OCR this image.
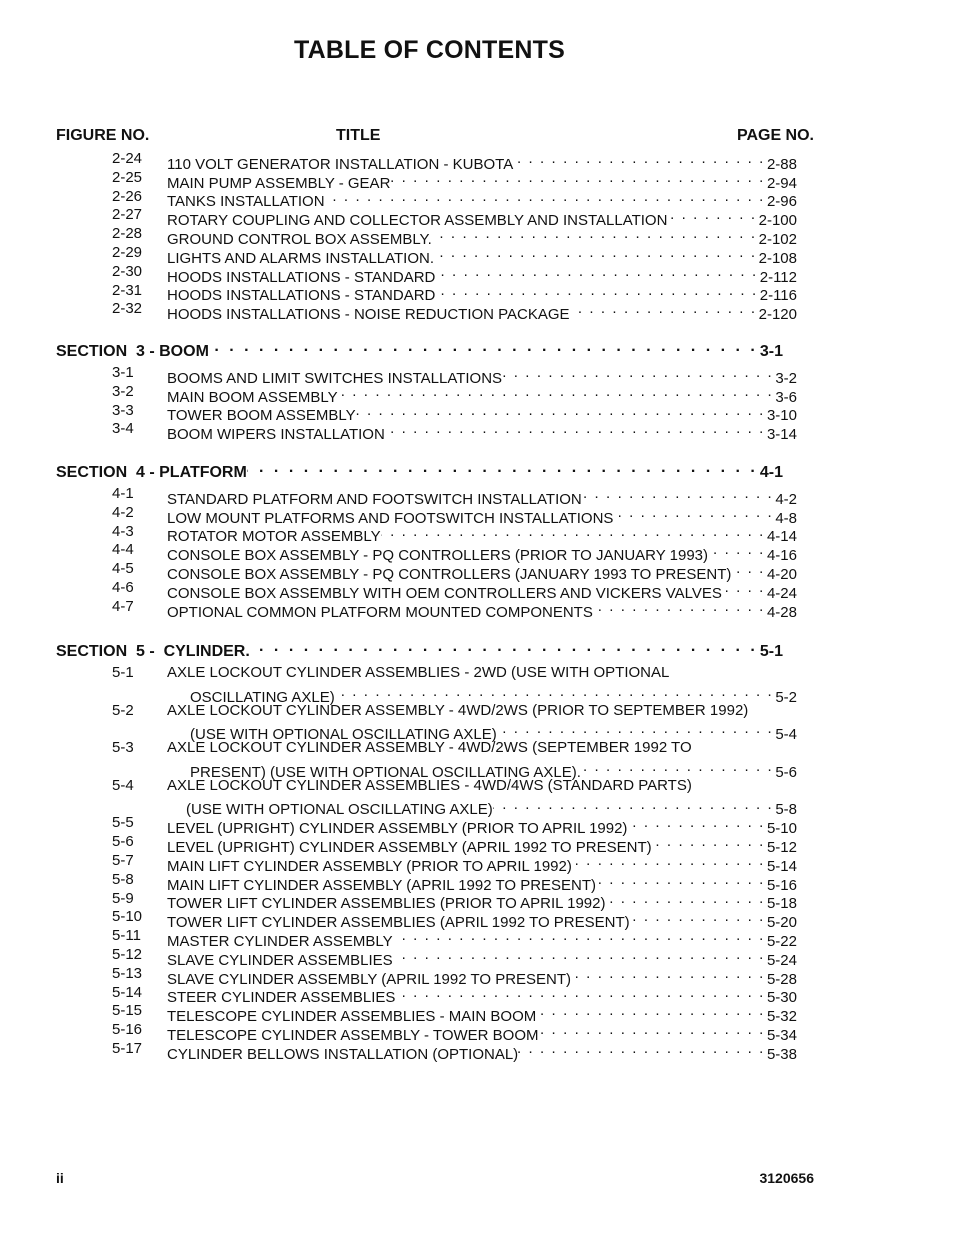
TABLE OF CONTENTS
FIGURE NO.	TITLE	PAGE NO.
2-24 110 VOLT GENERATOR INSTALLATION - KUBOTA . . .	2-88
2-25 MAIN PUMP ASSEMBLY - GEAR . . .	2-94
2-26 TANKS INSTALLATION . . .	2-96
2-27 ROTARY COUPLING AND COLLECTOR ASSEMBLY AND INSTALLATION . . .	2-100
2-28 GROUND CONTROL BOX ASSEMBLY. . . .	2-102
2-29 LIGHTS AND ALARMS INSTALLATION. . . .	2-108
2-30 HOODS INSTALLATIONS - STANDARD . . .	2-112
2-31 HOODS INSTALLATIONS - STANDARD . . .	2-116
2-32 HOODS INSTALLATIONS - NOISE REDUCTION PACKAGE . . .	2-120
SECTION  3 - BOOM . . .	3-1
3-1 BOOMS AND LIMIT SWITCHES INSTALLATIONS . . .	3-2
3-2 MAIN BOOM ASSEMBLY . . .	3-6
3-3 TOWER BOOM ASSEMBLY . . .	3-10
3-4 BOOM WIPERS INSTALLATION . . .	3-14
SECTION  4 - PLATFORM . . .	4-1
4-1 STANDARD PLATFORM AND FOOTSWITCH INSTALLATION . . .	4-2
4-2 LOW MOUNT PLATFORMS AND FOOTSWITCH INSTALLATIONS . . .	4-8
4-3 ROTATOR MOTOR ASSEMBLY . . .	4-14
4-4 CONSOLE BOX ASSEMBLY - PQ CONTROLLERS (PRIOR TO JANUARY 1993) . . .	4-16
4-5 CONSOLE BOX ASSEMBLY - PQ CONTROLLERS (JANUARY 1993 TO PRESENT) . . . 4-20
4-6 CONSOLE BOX ASSEMBLY WITH OEM CONTROLLERS AND VICKERS VALVES . . .	4-24
4-7 OPTIONAL COMMON PLATFORM MOUNTED COMPONENTS . . .	4-28
SECTION  5 -  CYLINDER. . . .	5-1
5-1 AXLE LOCKOUT CYLINDER ASSEMBLIES - 2WD (USE WITH OPTIONAL
OSCILLATING AXLE) . . .	5-2
5-2 AXLE LOCKOUT CYLINDER ASSEMBLY - 4WD/2WS (PRIOR TO SEPTEMBER 1992)
(USE WITH OPTIONAL OSCILLATING AXLE) . . .	5-4
5-3 AXLE LOCKOUT CYLINDER ASSEMBLY - 4WD/2WS (SEPTEMBER 1992 TO
PRESENT) (USE WITH OPTIONAL OSCILLATING AXLE). . . .	5-6
5-4 AXLE LOCKOUT CYLINDER ASSEMBLIES - 4WD/4WS (STANDARD PARTS)
(USE WITH OPTIONAL OSCILLATING AXLE) . . .	5-8
5-5 LEVEL (UPRIGHT) CYLINDER ASSEMBLY (PRIOR TO APRIL 1992) . . .	5-10
5-6 LEVEL (UPRIGHT) CYLINDER ASSEMBLY (APRIL 1992 TO PRESENT) . . .	5-12
5-7 MAIN LIFT CYLINDER ASSEMBLY (PRIOR TO APRIL 1992) . . .	5-14
5-8 MAIN LIFT CYLINDER ASSEMBLY (APRIL 1992 TO PRESENT) . . .	5-16
5-9 TOWER LIFT CYLINDER ASSEMBLIES (PRIOR TO APRIL 1992) . . .	5-18
5-10 TOWER LIFT CYLINDER ASSEMBLIES (APRIL 1992 TO PRESENT) . . .	5-20
5-11 MASTER CYLINDER ASSEMBLY . . .	5-22
5-12 SLAVE CYLINDER ASSEMBLIES . . .	5-24
5-13 SLAVE CYLINDER ASSEMBLY (APRIL 1992 TO PRESENT) . . .	5-28
5-14 STEER CYLINDER ASSEMBLIES . . .	5-30
5-15 TELESCOPE CYLINDER ASSEMBLIES - MAIN BOOM . . .	5-32
5-16 TELESCOPE CYLINDER ASSEMBLY - TOWER BOOM . . .	5-34
5-17 CYLINDER BELLOWS INSTALLATION (OPTIONAL) . . .	5-38
ii	3120656
